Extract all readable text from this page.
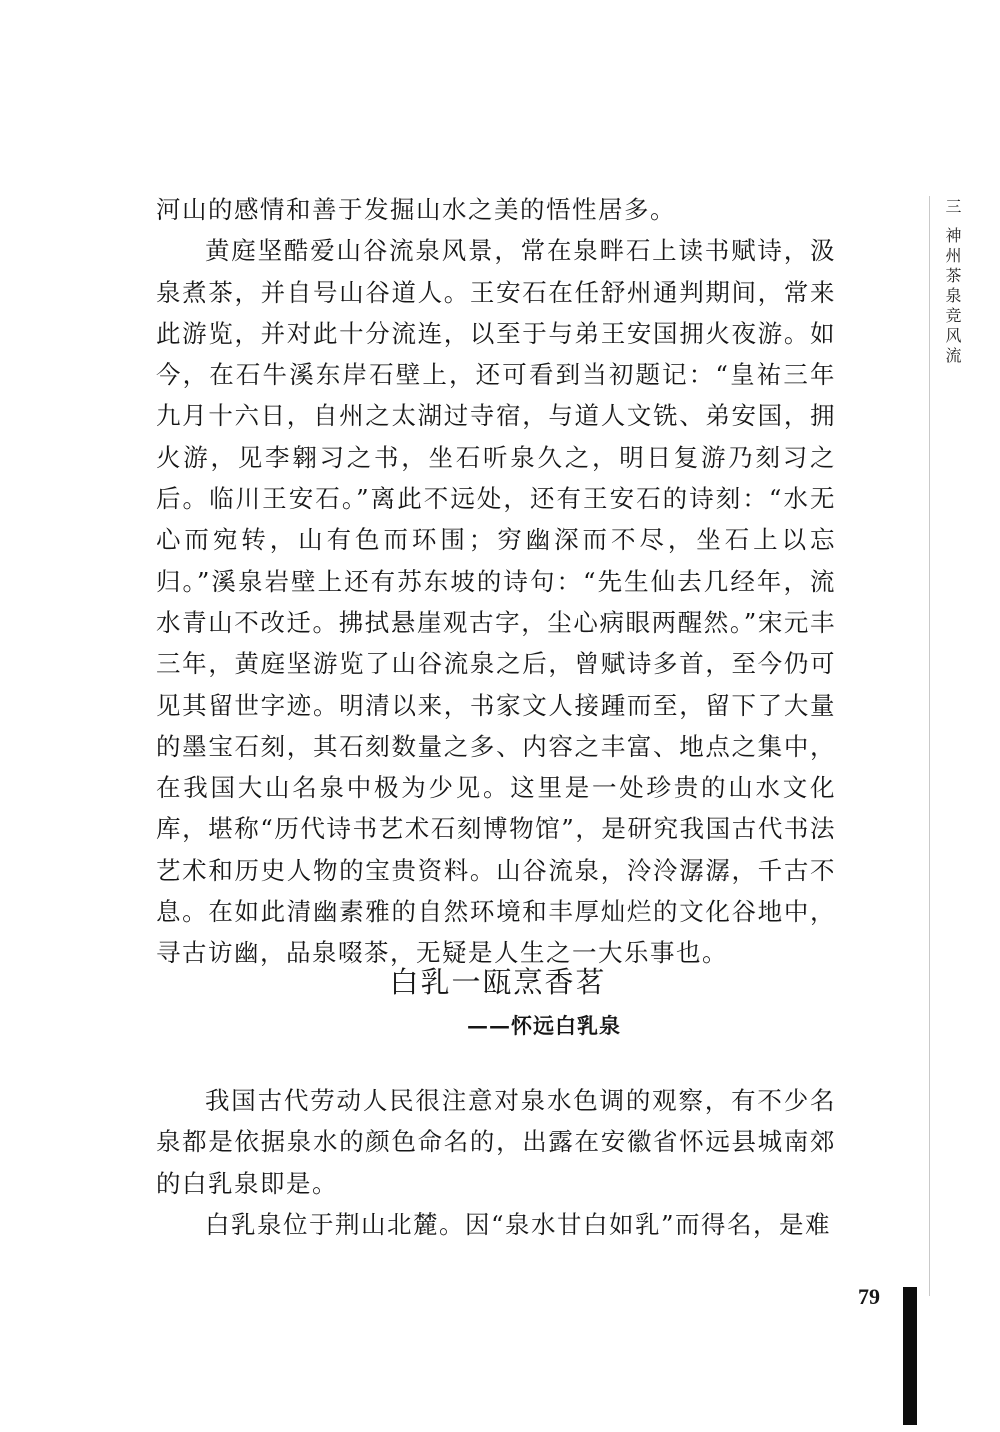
河山的感情和善于发掘山水之美的悟性居多。

黄庭坚酷爱山谷流泉风景，常在泉畔石上读书赋诗，汲泉煮茶，并自号山谷道人。王安石在任舒州通判期间，常来此游览，并对此十分流连，以至于与弟王安国拥火夜游。如今，在石牛溪东岸石壁上，还可看到当初题记：“皇祐三年九月十六日，自州之太湖过寺宿，与道人文铣、弟安国，拥火游，见李翱习之书，坐石听泉久之，明日复游乃刻习之后。临川王安石。”离此不远处，还有王安石的诗刻：“水无心而宛转，山有色而环围；穷幽深而不尽，坐石上以忘归。”溪泉岩壁上还有苏东坡的诗句：“先生仙去几经年，流水青山不改迁。拂拭悬崖观古字，尘心病眼两醒然。”宋元丰三年，黄庭坚游览了山谷流泉之后，曾赋诗多首，至今仍可见其留世字迹。明清以来，书家文人接踵而至，留下了大量的墨宝石刻，其石刻数量之多、内容之丰富、地点之集中，在我国大山名泉中极为少见。这里是一处珍贵的山水文化库，堪称“历代诗书艺术石刻博物馆”，是研究我国古代书法艺术和历史人物的宝贵资料。山谷流泉，泠泠潺潺，千古不息。在如此清幽素雅的自然环境和丰厚灿烂的文化谷地中，寻古访幽，品泉啜茶，无疑是人生之一大乐事也。

白乳一瓯烹香茗
——怀远白乳泉

我国古代劳动人民很注意对泉水色调的观察，有不少名泉都是依据泉水的颜色命名的，出露在安徽省怀远县城南郊的白乳泉即是。

白乳泉位于荆山北麓。因“泉水甘白如乳”而得名，是难

三 神州茶泉竞风流
79
